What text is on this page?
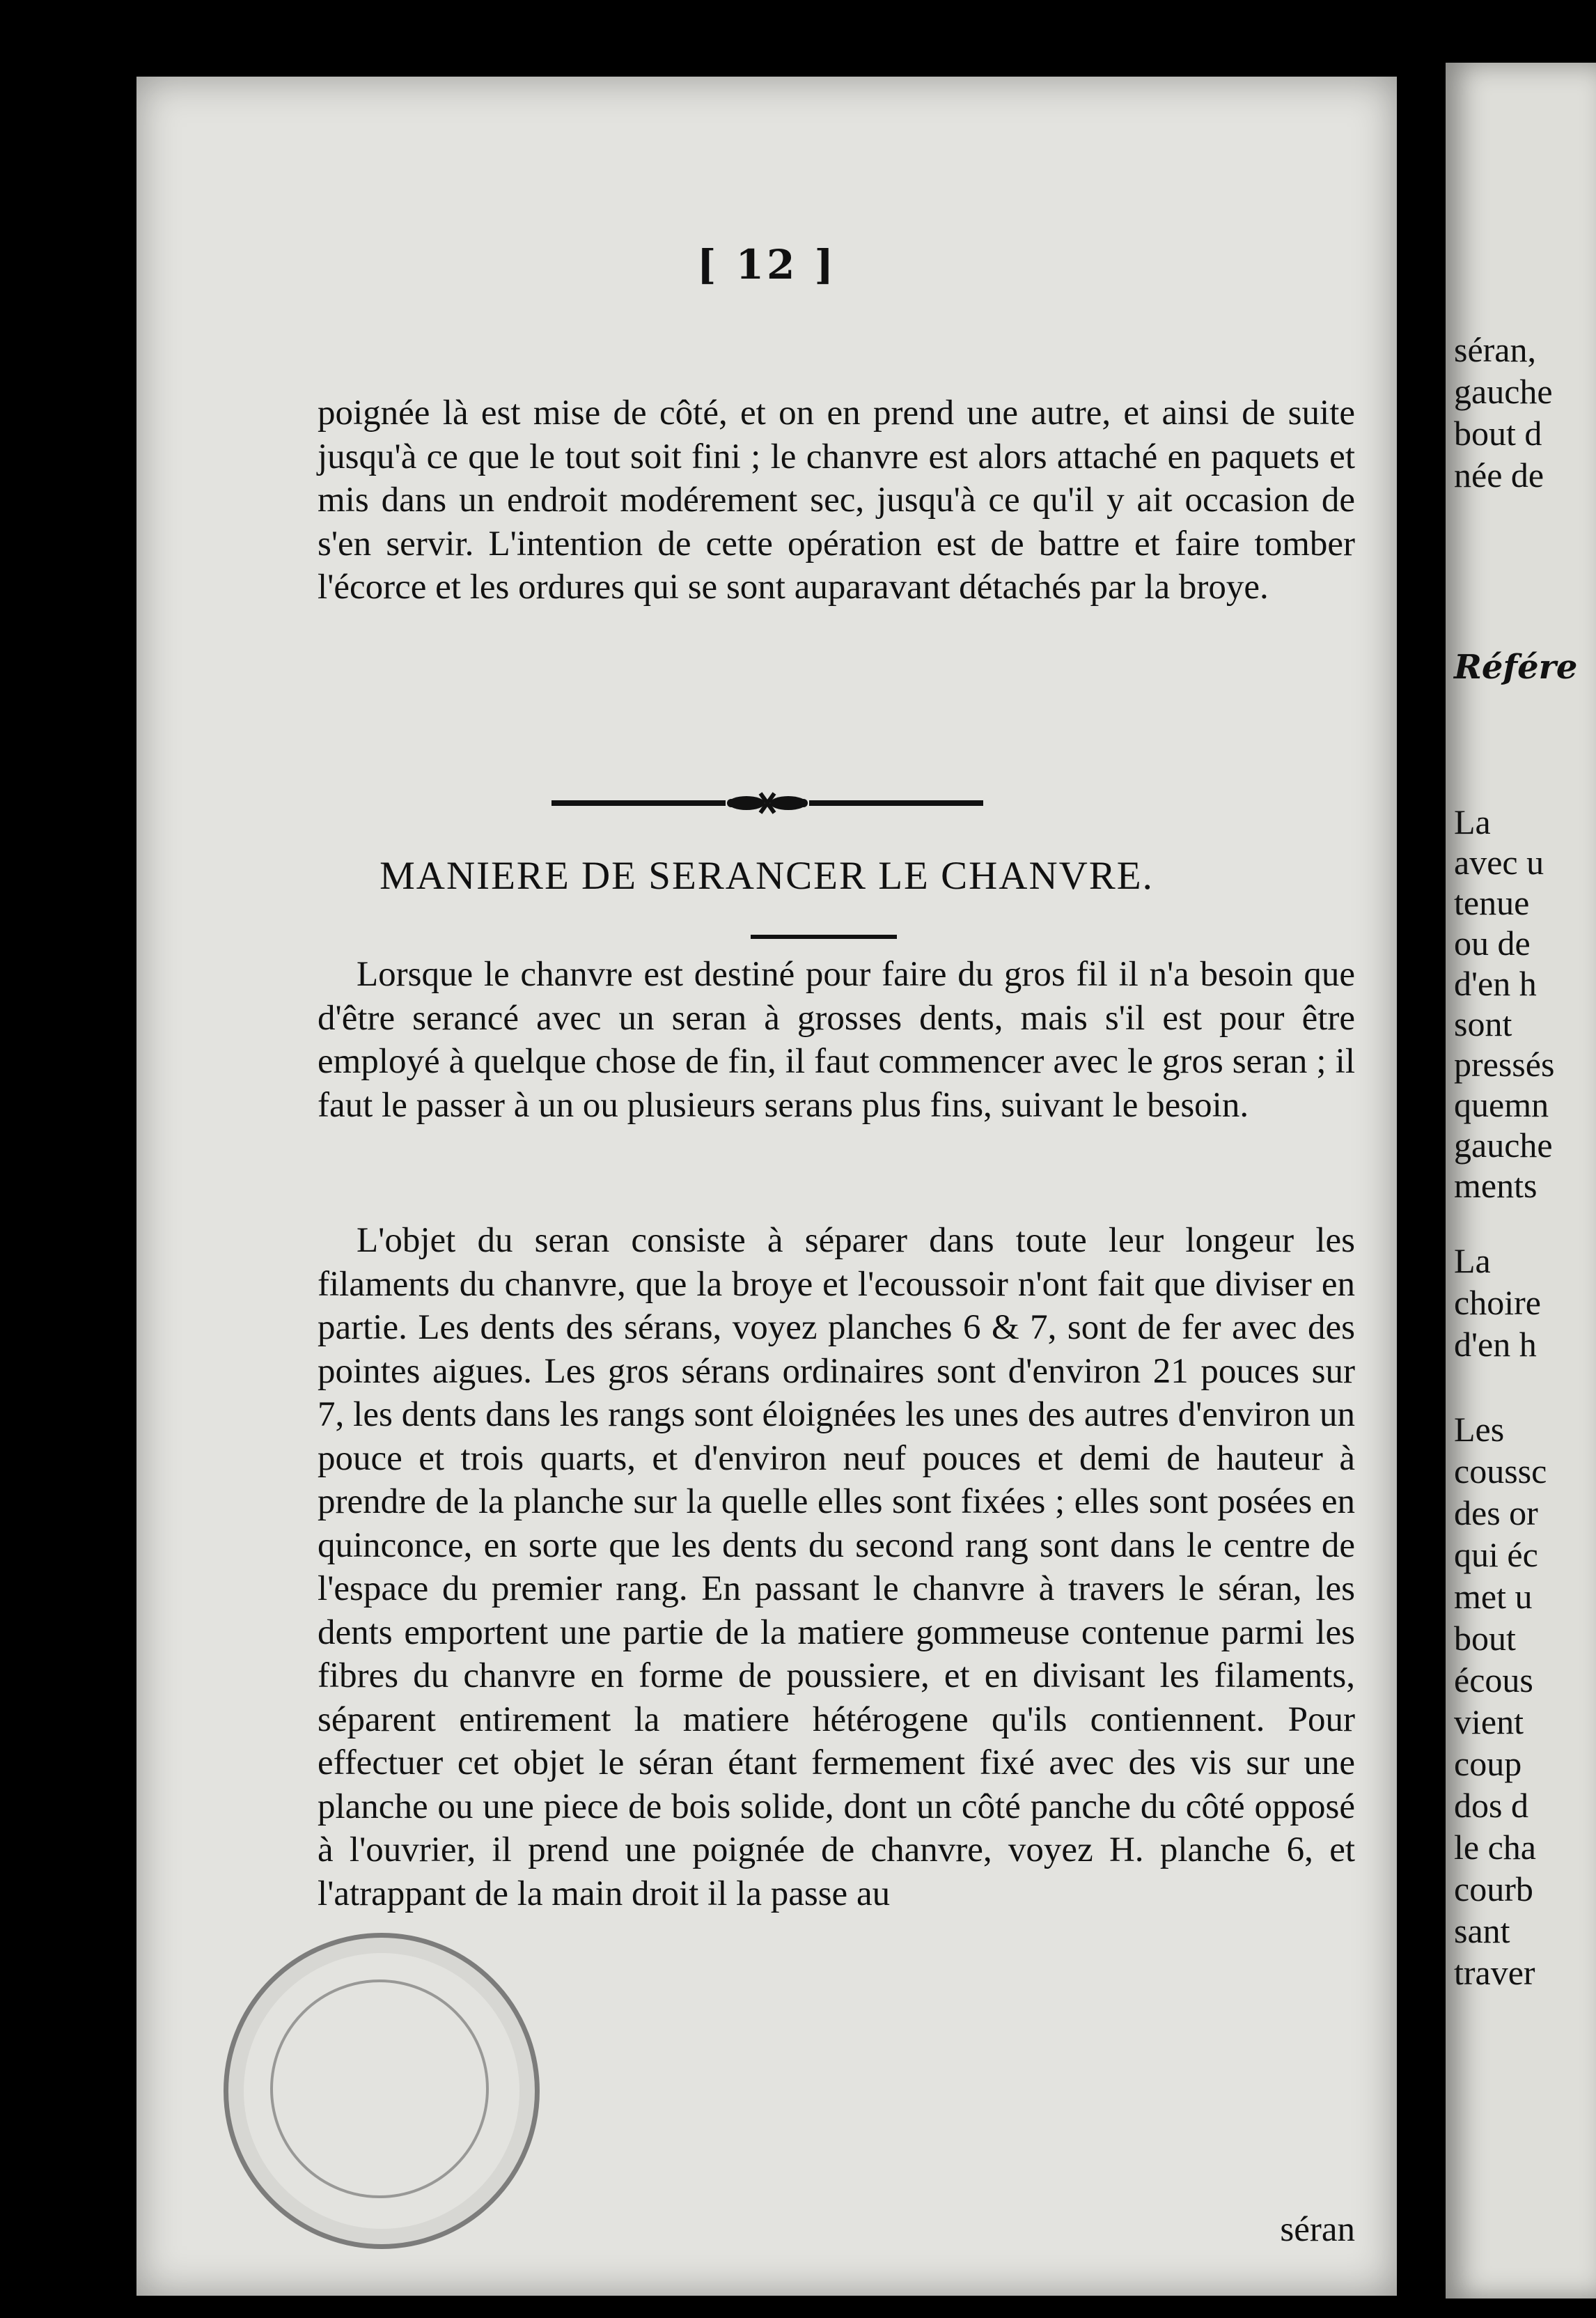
[ 12 ]

poignée là est mise de côté, et on en prend une autre, et ainsi de suite jusqu'à ce que le tout soit fini ; le chanvre est alors attaché en paquets et mis dans un endroit modérement sec, jusqu'à ce qu'il y ait occasion de s'en servir. L'intention de cette opération est de battre et faire tomber l'écorce et les ordures qui se sont auparavant détachés par la broye.

MANIERE DE SERANCER LE CHANVRE.

Lorsque le chanvre est destiné pour faire du gros fil il n'a besoin que d'être serancé avec un seran à grosses dents, mais s'il est pour être employé à quelque chose de fin, il faut commencer avec le gros seran ; il faut le passer à un ou plusieurs serans plus fins, suivant le besoin.

L'objet du seran consiste à séparer dans toute leur longeur les filaments du chanvre, que la broye et l'ecoussoir n'ont fait que diviser en partie. Les dents des sérans, voyez planches 6 & 7, sont de fer avec des pointes aigues. Les gros sérans ordinaires sont d'environ 21 pouces sur 7, les dents dans les rangs sont éloignées les unes des autres d'environ un pouce et trois quarts, et d'environ neuf pouces et demi de hauteur à prendre de la planche sur la quelle elles sont fixées ; elles sont posées en quinconce, en sorte que les dents du second rang sont dans le centre de l'espace du premier rang. En passant le chanvre à travers le séran, les dents emportent une partie de la matiere gommeuse contenue parmi les fibres du chanvre en forme de poussiere, et en divisant les filaments, séparent entirement la matiere hétérogene qu'ils contiennent. Pour effectuer cet objet le séran étant fermement fixé avec des vis sur une planche ou une piece de bois solide, dont un côté panche du côté opposé à l'ouvrier, il prend une poignée de chanvre, voyez H. planche 6, et l'atrappant de la main droit il la passe au

séran
séran,
gauche
bout d
née de
Référe
La
avec u
tenue
ou de
d'en h
sont
pressés
quemn
gauche
ments
La
choire
d'en h
Les
coussc
des or
qui éc
met u
bout
écous
vient
coup
dos d
le cha
courb
sant
traver
